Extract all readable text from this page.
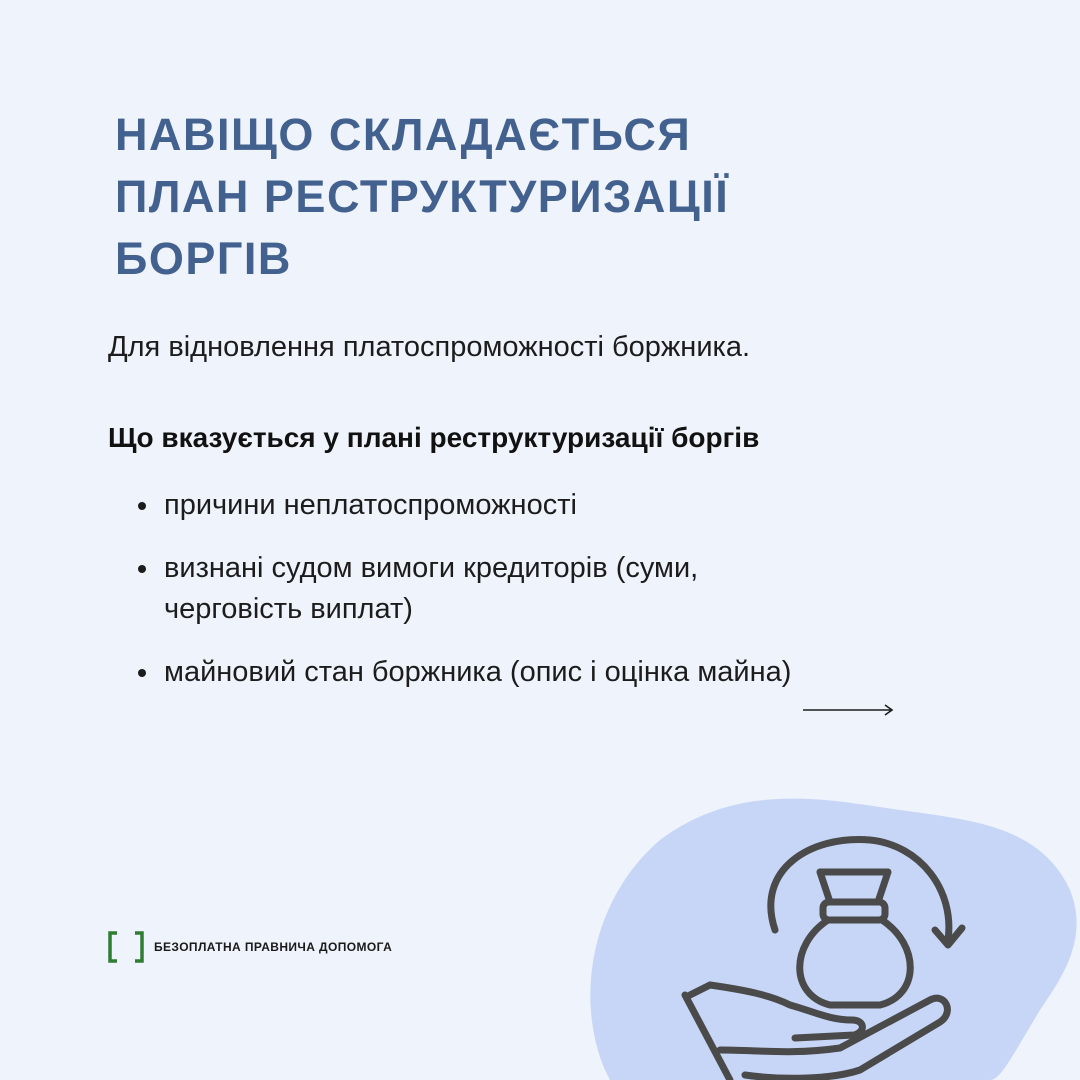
НАВІЩО СКЛАДАЄТЬСЯ
ПЛАН РЕСТРУКТУРИЗАЦІЇ
БОРГІВ

Для відновлення платоспроможності боржника.

Що вказується у плані реструктуризації боргів

причини неплатоспроможності
визнані судом вимоги кредиторів (суми, черговість виплат)
майновий стан боржника (опис і оцінка майна)
БЕЗОПЛАТНА ПРАВНИЧА ДОПОМОГА
